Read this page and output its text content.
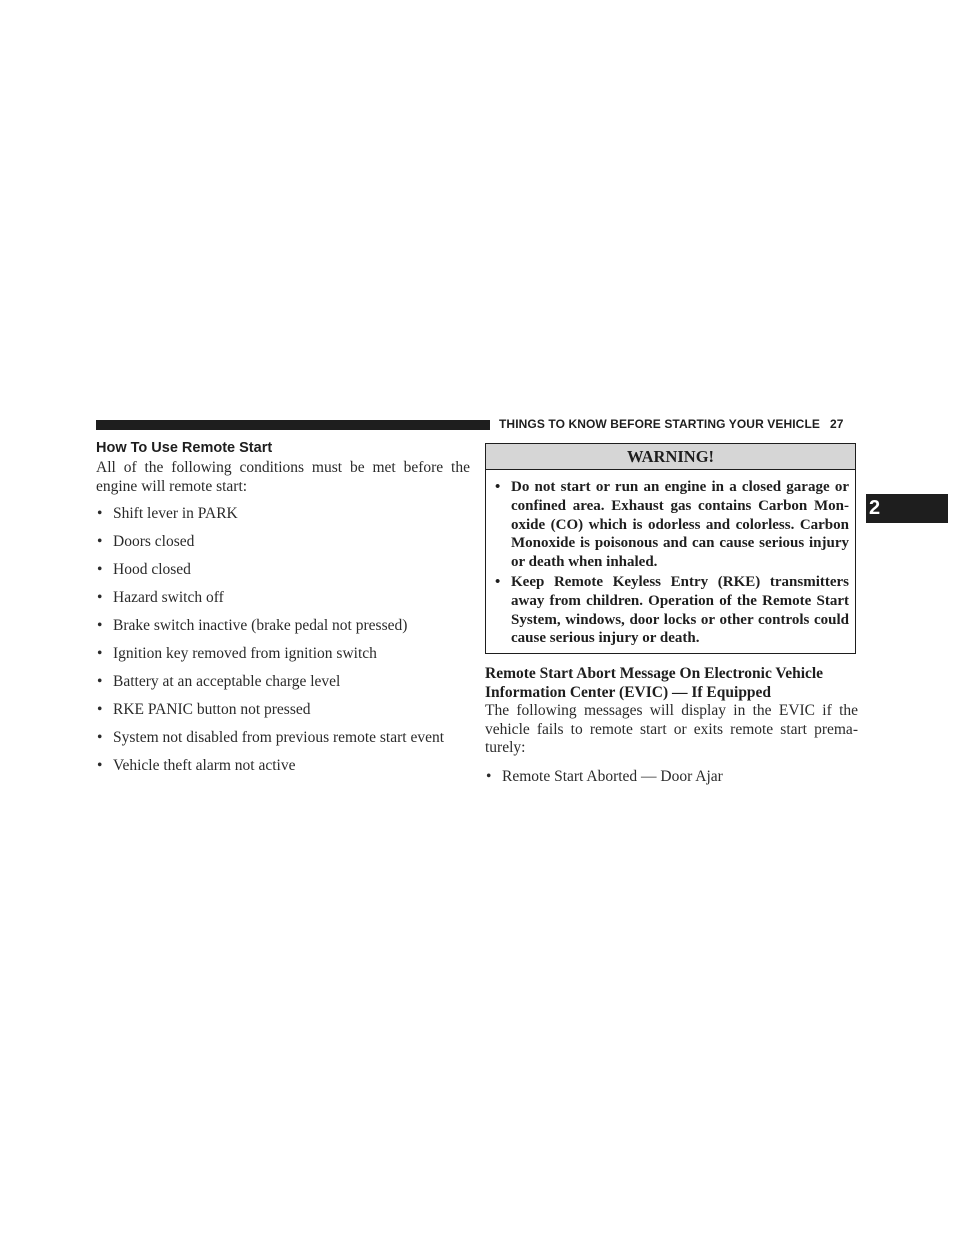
THINGS TO KNOW BEFORE STARTING YOUR VEHICLE 27
2
How To Use Remote Start

All of the following conditions must be met before the engine will remote start:

• Shift lever in PARK
• Doors closed
• Hood closed
• Hazard switch off
• Brake switch inactive (brake pedal not pressed)
• Ignition key removed from ignition switch
• Battery at an acceptable charge level
• RKE PANIC button not pressed
• System not disabled from previous remote start event
• Vehicle theft alarm not active
WARNING!
• Do not start or run an engine in a closed garage or confined area. Exhaust gas contains Carbon Monoxide (CO) which is odorless and colorless. Carbon Monoxide is poisonous and can cause serious injury or death when inhaled.
• Keep Remote Keyless Entry (RKE) transmitters away from children. Operation of the Remote Start System, windows, door locks or other controls could cause serious injury or death.
Remote Start Abort Message On Electronic Vehicle Information Center (EVIC) — If Equipped

The following messages will display in the EVIC if the vehicle fails to remote start or exits remote start prematurely:

• Remote Start Aborted — Door Ajar
